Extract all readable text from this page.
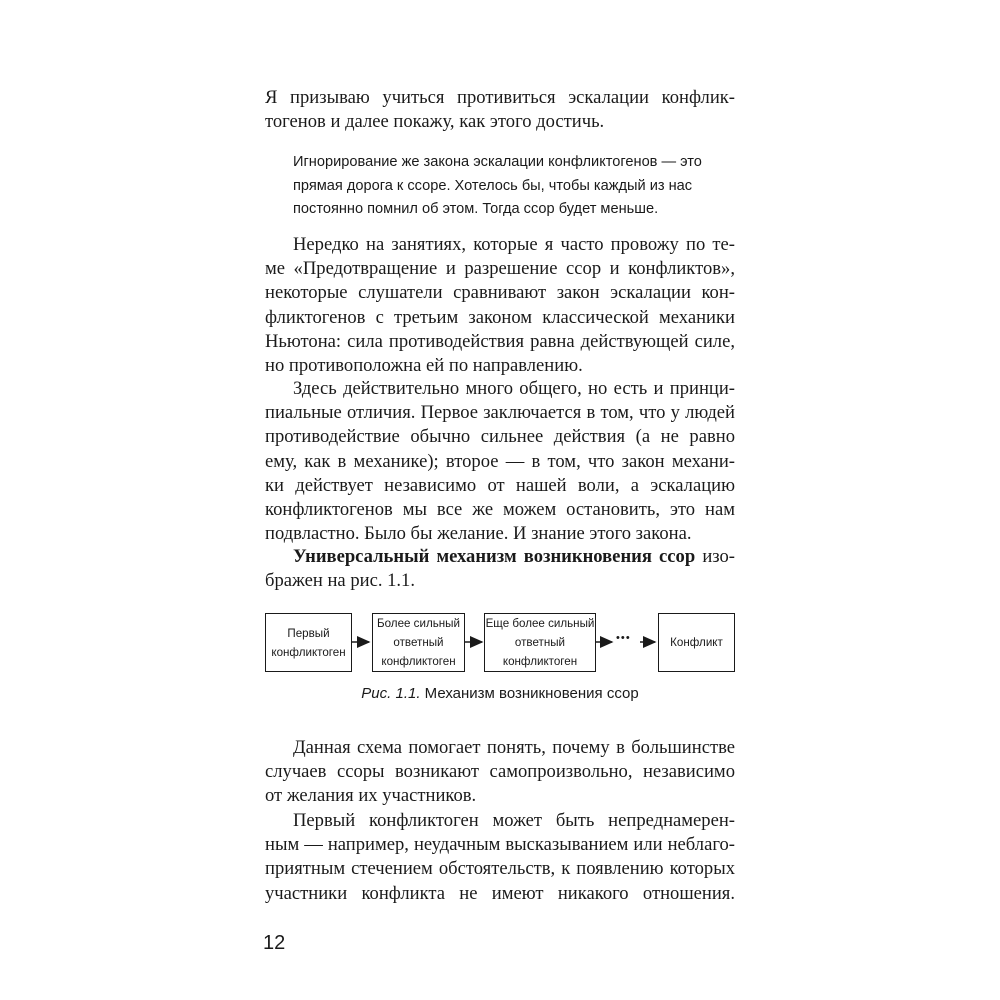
Я призываю учиться противиться эскалации конфлик-
тогенов и далее покажу, как этого достичь.
Игнорирование же закона эскалации конфликтогенов — это
прямая дорога к ссоре. Хотелось бы, чтобы каждый из нас
постоянно помнил об этом. Тогда ссор будет меньше.
Нередко на занятиях, которые я часто провожу по те-
ме «Предотвращение и разрешение ссор и конфликтов»,
некоторые слушатели сравнивают закон эскалации кон-
фликтогенов с третьим законом классической механики
Ньютона: сила противодействия равна действующей силе,
но противоположна ей по направлению.
Здесь действительно много общего, но есть и принци-
пиальные отличия. Первое заключается в том, что у людей
противодействие обычно сильнее действия (а не равно
ему, как в механике); второе — в том, что закон механи-
ки действует независимо от нашей воли, а эскалацию
конфликтогенов мы все же можем остановить, это нам
подвластно. Было бы желание. И знание этого закона.
Универсальный механизм возникновения ссор изо-
бражен на рис. 1.1.
Первый
конфликтоген
Более сильный
ответный
конфликтоген
Еще более сильный
ответный
конфликтоген
• • •	Конфликт
Рис. 1.1. Механизм возникновения ссор
Данная схема помогает понять, почему в большинстве
случаев ссоры возникают самопроизвольно, независимо
от желания их участников.
Первый конфликтоген может быть непреднамерен-
ным — например, неудачным высказыванием или неблаго-
приятным стечением обстоятельств, к появлению которых
участники конфликта не имеют никакого отношения.
12
